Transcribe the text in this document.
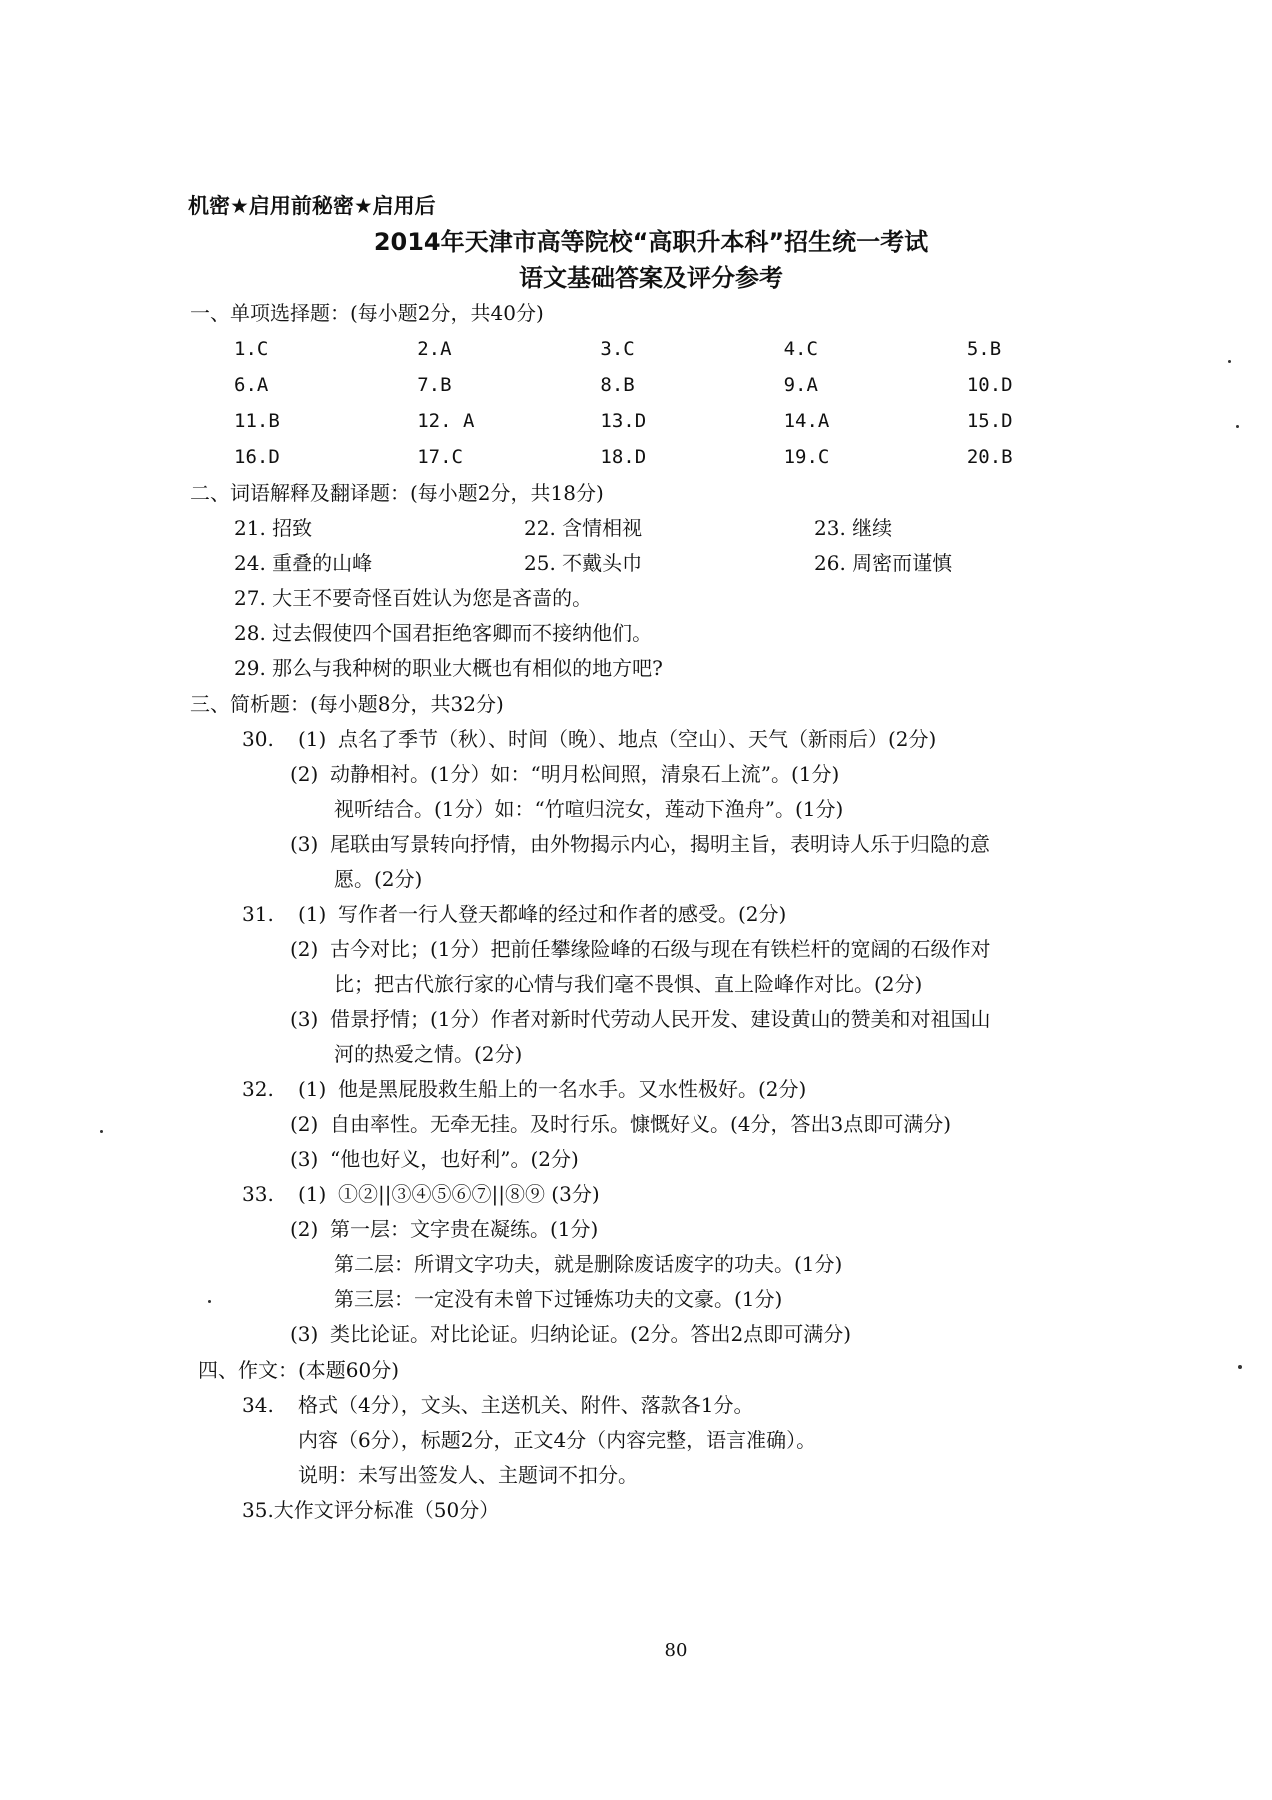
机密★启用前秘密★启用后
2014年天津市高等院校“高职升本科”招生统一考试
语文基础答案及评分参考
一、单项选择题：(每小题2分，共40分)
1.C	2.A	3.C	4.C	5.B
6.A	7.B	8.B	9.A	10.D
11.B	12. A	13.D	14.A	15.D
16.D	17.C	18.D	19.C	20.B
二、词语解释及翻译题：(每小题2分，共18分)
21. 招致	22. 含情相视	23. 继续
24. 重叠的山峰	25. 不戴头巾	26. 周密而谨慎
27. 大王不要奇怪百姓认为您是吝啬的。
28. 过去假使四个国君拒绝客卿而不接纳他们。
29. 那么与我种树的职业大概也有相似的地方吧?
三、简析题：(每小题8分，共32分)
30. (1) 点名了季节（秋）、时间（晚）、地点（空山）、天气（新雨后）(2分)
(2) 动静相衬。(1分）如：“明月松间照，清泉石上流”。(1分)
视听结合。(1分）如：“竹喧归浣女，莲动下渔舟”。(1分)
(3) 尾联由写景转向抒情，由外物揭示内心，揭明主旨，表明诗人乐于归隐的意
愿。(2分)
31. (1) 写作者一行人登天都峰的经过和作者的感受。(2分)
(2) 古今对比；(1分）把前任攀缘险峰的石级与现在有铁栏杆的宽阔的石级作对
比；把古代旅行家的心情与我们毫不畏惧、直上险峰作对比。(2分)
(3) 借景抒情；(1分）作者对新时代劳动人民开发、建设黄山的赞美和对祖国山
河的热爱之情。(2分)
32. (1) 他是黑屁股救生船上的一名水手。又水性极好。(2分)
(2) 自由率性。无牵无挂。及时行乐。慷慨好义。(4分，答出3点即可满分)
(3) “他也好义，也好利”。(2分)
33. (1) ①②||③④⑤⑥⑦||⑧⑨ (3分)
(2) 第一层：文字贵在凝练。(1分)
第二层：所谓文字功夫，就是删除废话废字的功夫。(1分)
第三层：一定没有未曾下过锤炼功夫的文豪。(1分)
(3) 类比论证。对比论证。归纳论证。(2分。答出2点即可满分)
四、作文：(本题60分)
34. 格式（4分），文头、主送机关、附件、落款各1分。
内容（6分），标题2分，正文4分（内容完整，语言准确）。
说明：未写出签发人、主题词不扣分。
35.大作文评分标准（50分）
80
